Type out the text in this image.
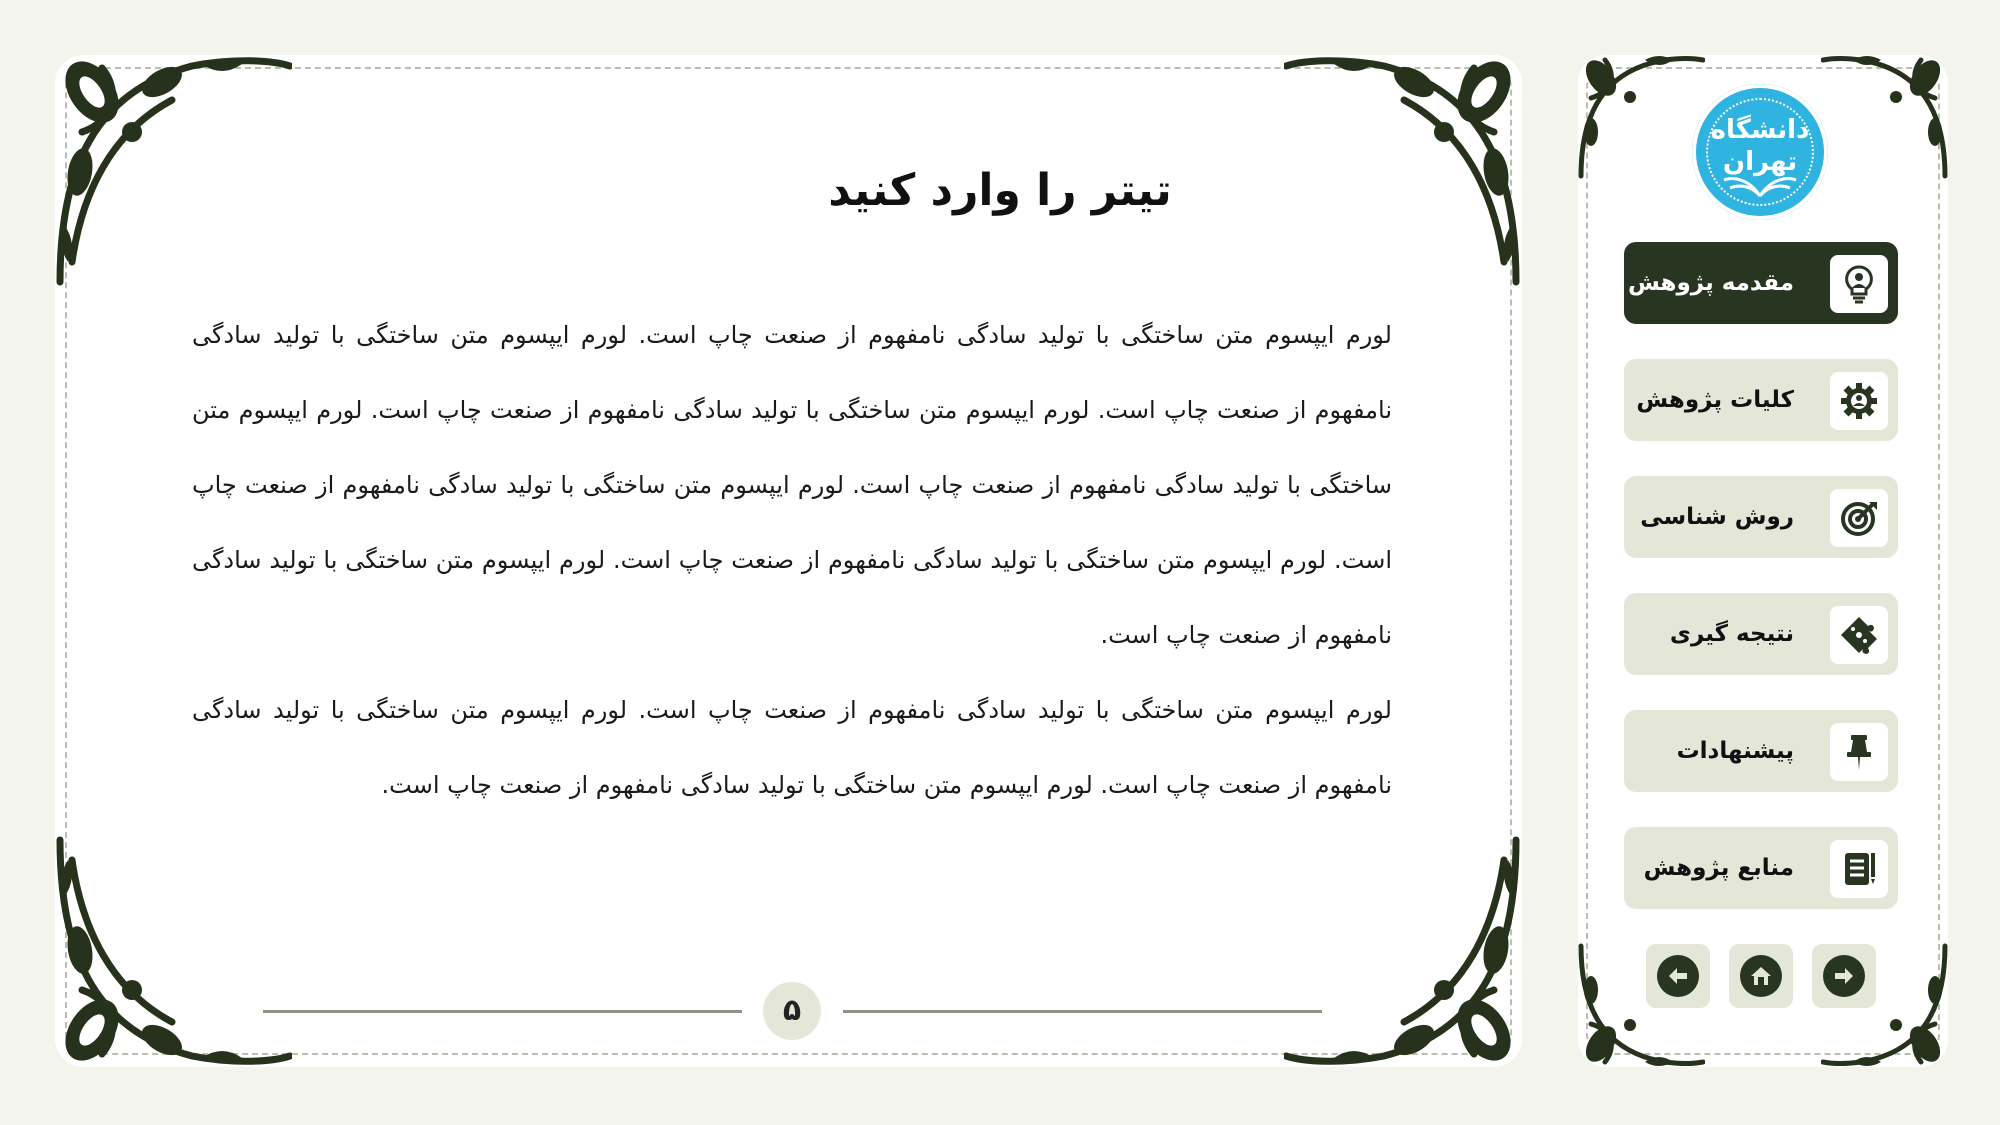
تیتر را وارد کنید

لورم ایپسوم متن ساختگی با تولید سادگی نامفهوم از صنعت چاپ است. لورم ایپسوم متن ساختگی با تولید سادگی نامفهوم از صنعت چاپ است. لورم ایپسوم متن ساختگی با تولید سادگی نامفهوم از صنعت چاپ است. لورم ایپسوم متن ساختگی با تولید سادگی نامفهوم از صنعت چاپ است. لورم ایپسوم متن ساختگی با تولید سادگی نامفهوم از صنعت چاپ است. لورم ایپسوم متن ساختگی با تولید سادگی نامفهوم از صنعت چاپ است. لورم ایپسوم متن ساختگی با تولید سادگی نامفهوم از صنعت چاپ است.

لورم ایپسوم متن ساختگی با تولید سادگی نامفهوم از صنعت چاپ است. لورم ایپسوم متن ساختگی با تولید سادگی نامفهوم از صنعت چاپ است. لورم ایپسوم متن ساختگی با تولید سادگی نامفهوم از صنعت چاپ است.

۵
دانشگاه تهران
مقدمه پژوهش
کلیات پژوهش
روش شناسی
نتیجه گیری
پیشنهادات
منابع پژوهش
